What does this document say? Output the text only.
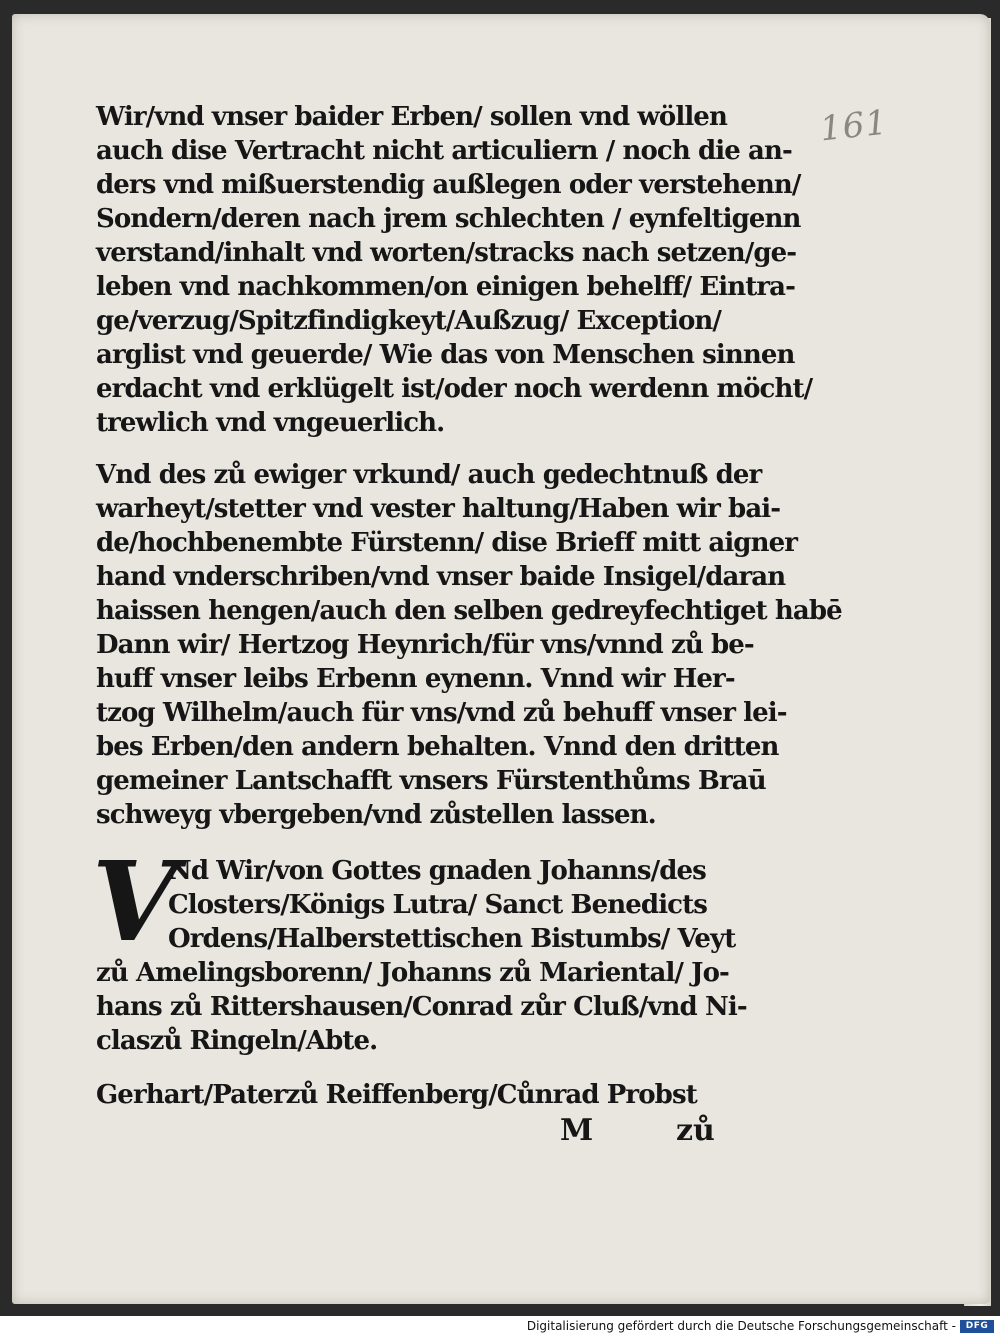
161
Wir/vnd vnser baider Erben/ sollen vnd wöllen
auch dise Vertracht nicht articuliern / noch die an-
ders vnd mißuerstendig außlegen oder verstehenn/
Sondern/deren nach jrem schlechten / eynfeltigenn
verstand/inhalt vnd worten/stracks nach setzen/ge-
leben vnd nachkommen/on einigen behelff/ Eintra-
ge/verzug/Spitzfindigkeyt/Außzug/ Exception/
arglist vnd geuerde/ Wie das von Menschen sinnen
erdacht vnd erklügelt ist/oder noch werdenn möcht/
trewlich vnd vngeuerlich.
Vnd des zů ewiger vrkund/ auch gedechtnuß der
warheyt/stetter vnd vester haltung/Haben wir bai-
de/hochbenembte Fürstenn/ dise Brieff mitt aigner
hand vnderschriben/vnd vnser baide Insigel/daran
haissen hengen/auch den selben gedreyfechtiget habē
Dann wir/ Hertzog Heynrich/für vns/vnnd zů be-
huff vnser leibs Erbenn eynenn. Vnnd wir Her-
tzog Wilhelm/auch für vns/vnd zů behuff vnser lei-
bes Erben/den andern behalten. Vnnd den dritten
gemeiner Lantschafft vnsers Fürstenthůms Braū
schweyg vbergeben/vnd zůstellen lassen.
V
Nd Wir/von Gottes gnaden Johanns/des
Closters/Königs Lutra/ Sanct Benedicts
Ordens/Halberstettischen Bistumbs/ Veyt
zů Amelingsborenn/ Johanns zů Mariental/ Jo-
hans zů Rittershausen/Conrad zůr Cluß/vnd Ni-
claszů Ringeln/Abte.
Gerhart/Paterzů Reiffenberg/Cůnrad Probst
M	zů
Digitalisierung gefördert durch die Deutsche Forschungsgemeinschaft -	DFG
